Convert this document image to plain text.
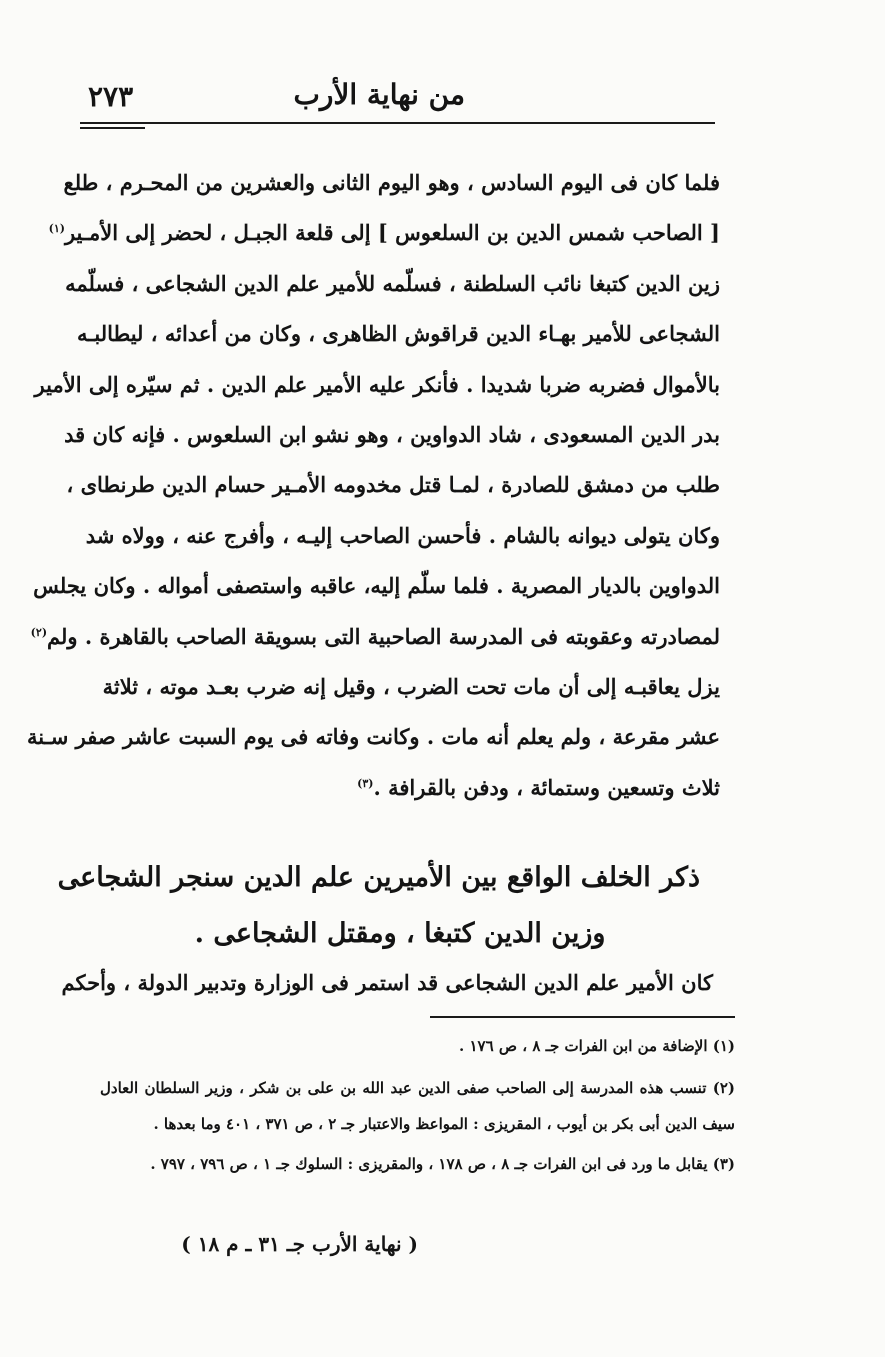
٢٧٣	من نهاية الأرب
فلما كان فى اليوم السادس ، وهو اليوم الثانى والعشرين من المحـرم ، طلع
[ الصاحب شمس الدين بن السلعوس ] إلى قلعة الجبـل ، لحضر إلى الأمـير$^{(١)}$
زين الدين كتبغا نائب السلطنة ، فسلّمه للأمير علم الدين الشجاعى ، فسلّمه
الشجاعى للأمير بهـاء الدين قراقوش الظاهرى ، وكان من أعدائه ، ليطالبـه
بالأموال فضربه ضربا شديدا . فأنكر عليه الأمير علم الدين . ثم سيّره إلى الأمير
بدر الدين المسعودى ، شاد الدواوين ، وهو نشو ابن السلعوس . فإنه كان قد
طلب من دمشق للصادرة ، لمـا قتل مخدومه الأمـير حسام الدين طرنطاى ،
وكان يتولى ديوانه بالشام . فأحسن الصاحب إليـه ، وأفرج عنه ، وولاه شد
الدواوين بالديار المصرية . فلما سلّم إليه، عاقبه واستصفى أمواله . وكان يجلس
لمصادرته وعقوبته فى المدرسة الصاحبية التى بسويقة الصاحب بالقاهرة . ولم$^{(٢)}$
يزل يعاقبـه إلى أن مات تحت الضرب ، وقيل إنه ضرب بعـد موته ، ثلاثة
عشر مقرعة ، ولم يعلم أنه مات . وكانت وفاته فى يوم السبت عاشر صفر سـنة
ثلاث وتسعين وستمائة ، ودفن بالقرافة .$^{(٣)}$
ذكر الخلف الواقع بين الأميرين علم الدين سنجر الشجاعى
وزين الدين كتبغا ، ومقتل الشجاعى .
كان الأمير علم الدين الشجاعى قد استمر فى الوزارة وتدبير الدولة ، وأحكم

(١) الإضافة من ابن الفرات جـ ٨ ، ص ١٧٦ .

(٢) تنسب هذه المدرسة إلى الصاحب صفى الدين عبد الله بن على بن شكر ، وزير السلطان العادل سيف الدين أبى بكر بن أيوب ، المقريزى : المواعظ والاعتبار جـ ٢ ، ص ٣٧١ ، ٤٠١ وما بعدها .

(٣) يقابل ما ورد فى ابن الفرات جـ ٨ ، ص ١٧٨ ، والمقريزى : السلوك جـ ١ ، ص ٧٩٦ ، ٧٩٧ .

( نهاية الأرب جـ ٣١ ـ م ١٨ )
